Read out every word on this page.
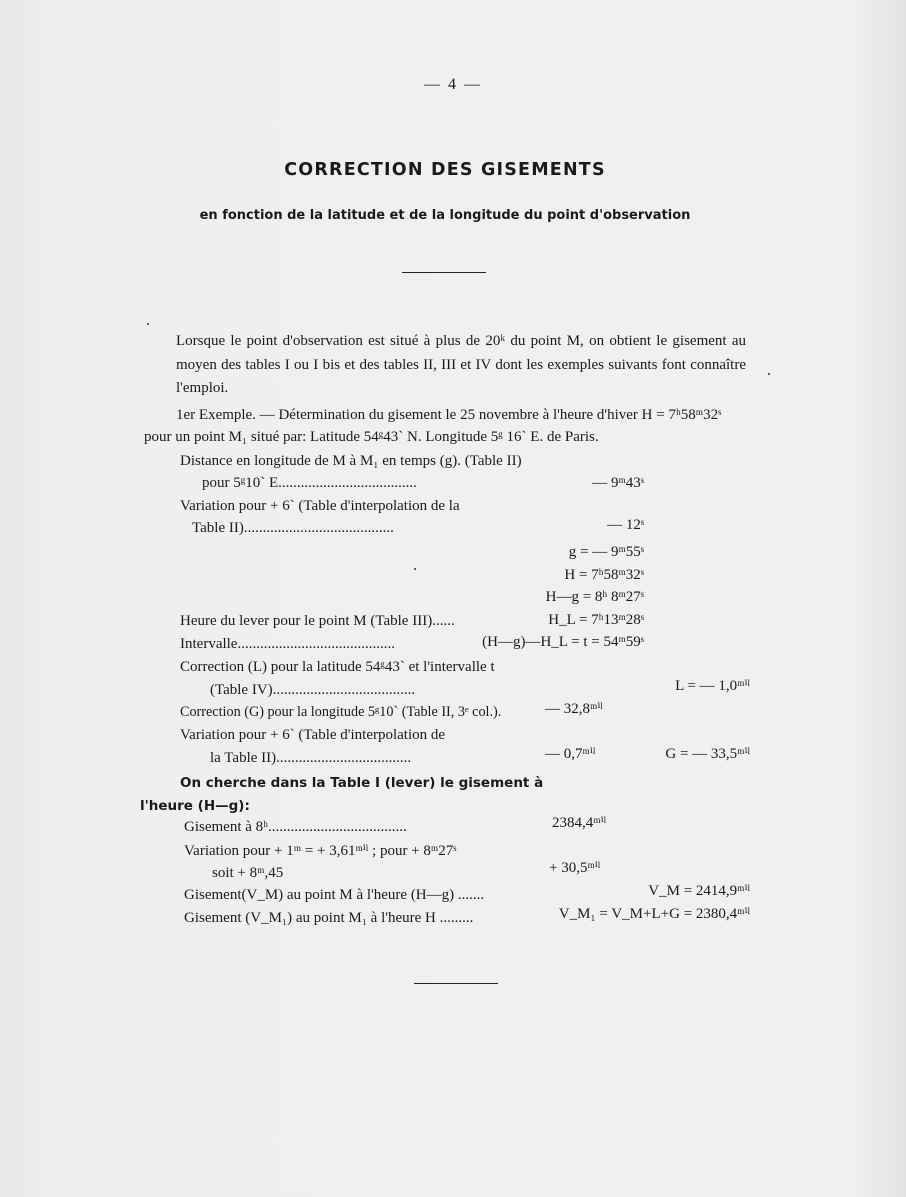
— 4 —
CORRECTION DES GISEMENTS
en fonction de la latitude et de la longitude du point d'observation
Lorsque le point d'observation est situé à plus de 20ᵏ du point M, on obtient le gisement au moyen des tables I ou I bis et des tables II, III et IV dont les exemples suivants font connaître l'emploi.
1er Exemple. — Détermination du gisement le 25 novembre à l'heure d'hiver H = 7ʰ58ᵐ32ˢ
pour un point M₁ situé par: Latitude 54ᵍ43ˋ N. Longitude 5ᵍ 16ˋ E. de Paris.
Distance en longitude de M à M₁ en temps (g). (Table II)
pour 5ᵍ10ˋ E.....................................	— 9ᵐ43ˢ
Variation pour + 6ˋ (Table d'interpolation de la
Table II)........................................	— 12ˢ
g = — 9ᵐ55ˢ
H = 7ʰ58ᵐ32ˢ
H—g = 8ʰ 8ᵐ27ˢ
Heure du lever pour le point M (Table III)......	H_L = 7ʰ13ᵐ28ˢ
Intervalle..........................................	(H—g)—H_L = t = 54ᵐ59ˢ
Correction (L) pour la latitude 54ᵍ43ˋ et l'intervalle t
(Table IV)......................................	L = — 1,0ᵐⁱˡ
Correction (G) pour la longitude 5ᵍ10ˋ (Table II, 3ᵉ col.).	— 32,8ᵐⁱˡ
Variation pour + 6ˋ (Table d'interpolation de
la Table II)....................................	— 0,7ᵐⁱˡ	G = — 33,5ᵐⁱˡ
On cherche dans la Table I (lever) le gisement à
l'heure (H—g):
Gisement à 8ʰ.....................................	2384,4ᵐⁱˡ
Variation pour + 1ᵐ = + 3,61ᵐⁱˡ ; pour + 8ᵐ27ˢ
soit + 8ᵐ,45	+ 30,5ᵐⁱˡ
Gisement(V_M) au point M à l'heure (H—g) .......	V_M = 2414,9ᵐⁱˡ
Gisement (V_M₁) au point M₁ à l'heure H .........	V_M₁ = V_M+L+G = 2380,4ᵐⁱˡ
